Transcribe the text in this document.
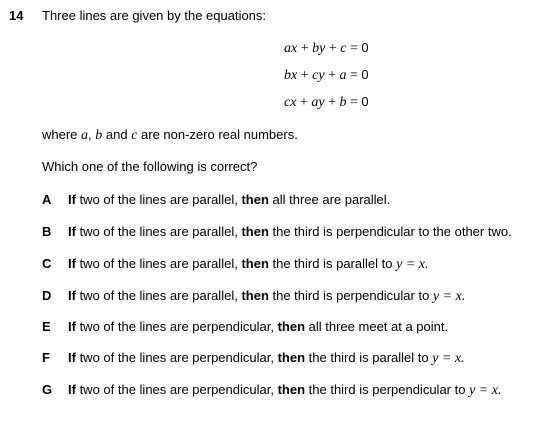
14 Three lines are given by the equations:
ax + by + c = 0
bx + cy + a = 0
cx + ay + b = 0
where a, b and c are non-zero real numbers.
Which one of the following is correct?
A If two of the lines are parallel, then all three are parallel.
B If two of the lines are parallel, then the third is perpendicular to the other two.
C If two of the lines are parallel, then the third is parallel to y = x.
D If two of the lines are parallel, then the third is perpendicular to y = x.
E If two of the lines are perpendicular, then all three meet at a point.
F If two of the lines are perpendicular, then the third is parallel to y = x.
G If two of the lines are perpendicular, then the third is perpendicular to y = x.
